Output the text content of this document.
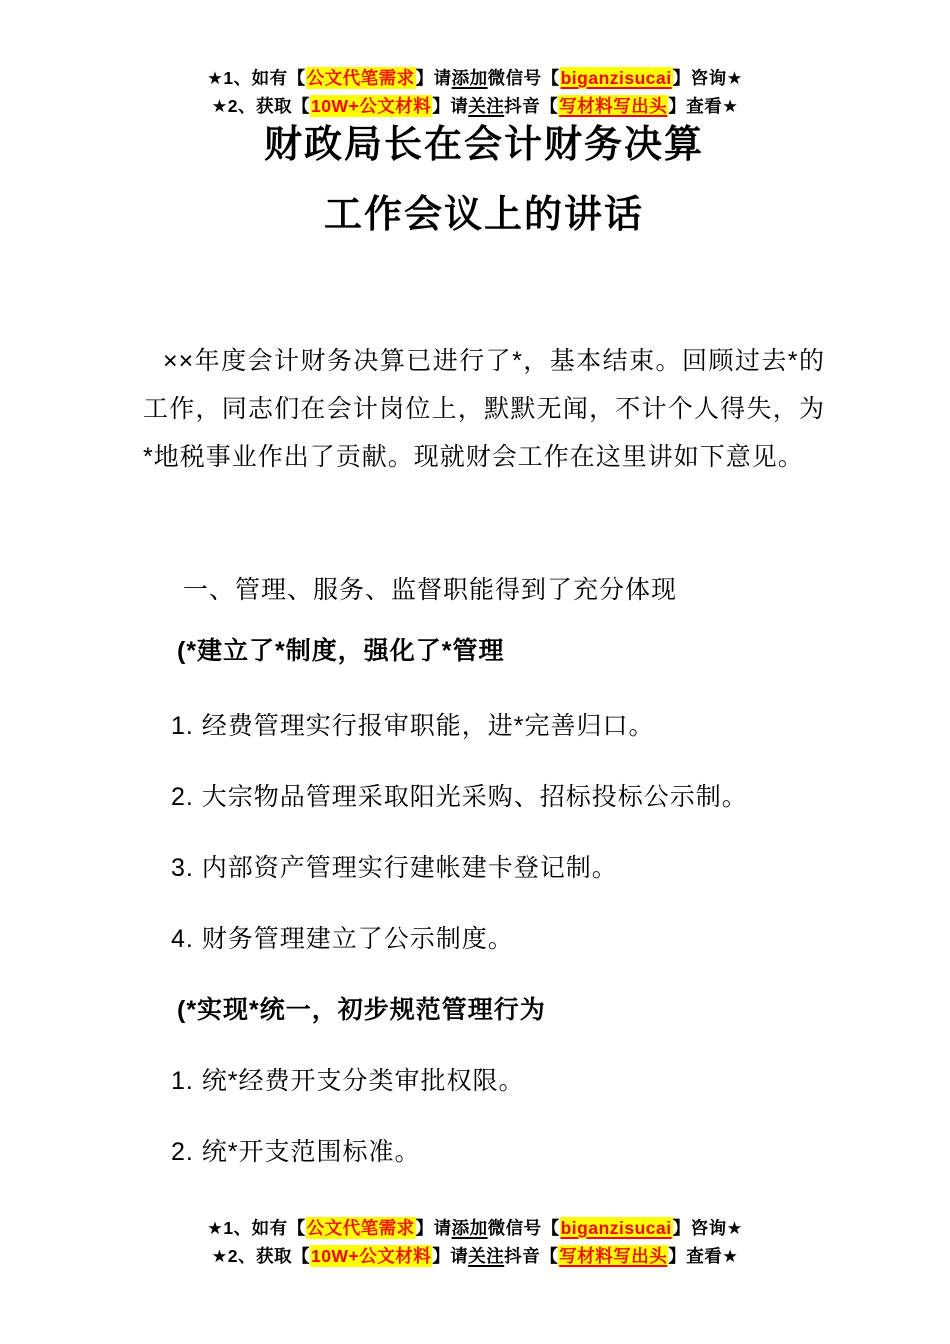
★1、如有【公文代笔需求】请添加微信号【biganzisucai】咨询★
★2、获取【10W+公文材料】请关注抖音【写材料写出头】查看★
财政局长在会计财务决算
工作会议上的讲话

××年度会计财务决算已进行了*，基本结束。回顾过去*的工作，同志们在会计岗位上，默默无闻，不计个人得失，为*地税事业作出了贡献。现就财会工作在这里讲如下意见。

一、管理、服务、监督职能得到了充分体现

(*建立了*制度，强化了*管理

1. 经费管理实行报审职能，进*完善归口。

2. 大宗物品管理采取阳光采购、招标投标公示制。

3. 内部资产管理实行建帐建卡登记制。

4. 财务管理建立了公示制度。

(*实现*统一，初步规范管理行为

1. 统*经费开支分类审批权限。

2. 统*开支范围标准。

★1、如有【公文代笔需求】请添加微信号【biganzisucai】咨询★
★2、获取【10W+公文材料】请关注抖音【写材料写出头】查看★
